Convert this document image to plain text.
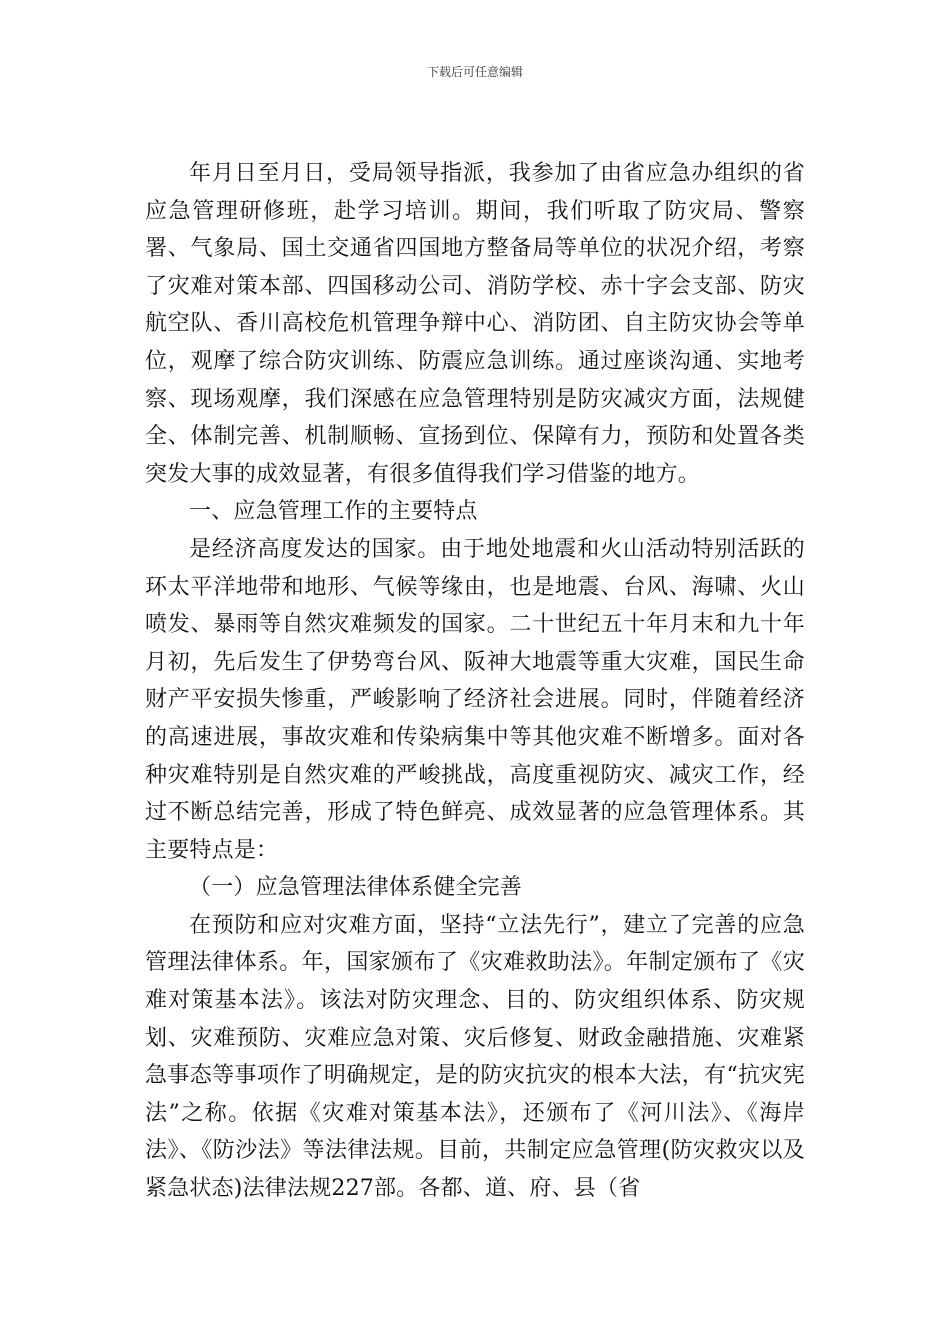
下载后可任意编辑

年月日至月日，受局领导指派，我参加了由省应急办组织的省应急管理研修班，赴学习培训。期间，我们听取了防灾局、警察署、气象局、国土交通省四国地方整备局等单位的状况介绍，考察了灾难对策本部、四国移动公司、消防学校、赤十字会支部、防灾航空队、香川高校危机管理争辩中心、消防团、自主防灾协会等单位，观摩了综合防灾训练、防震应急训练。通过座谈沟通、实地考察、现场观摩，我们深感在应急管理特别是防灾减灾方面，法规健全、体制完善、机制顺畅、宣扬到位、保障有力，预防和处置各类突发大事的成效显著，有很多值得我们学习借鉴的地方。

一、应急管理工作的主要特点

是经济高度发达的国家。由于地处地震和火山活动特别活跃的环太平洋地带和地形、气候等缘由，也是地震、台风、海啸、火山喷发、暴雨等自然灾难频发的国家。二十世纪五十年月末和九十年月初，先后发生了伊势弯台风、阪神大地震等重大灾难，国民生命财产平安损失惨重，严峻影响了经济社会进展。同时，伴随着经济的高速进展，事故灾难和传染病集中等其他灾难不断增多。面对各种灾难特别是自然灾难的严峻挑战，高度重视防灾、减灾工作，经过不断总结完善，形成了特色鲜亮、成效显著的应急管理体系。其主要特点是：

（一）应急管理法律体系健全完善

在预防和应对灾难方面，坚持“立法先行”，建立了完善的应急管理法律体系。年，国家颁布了《灾难救助法》。年制定颁布了《灾难对策基本法》。该法对防灾理念、目的、防灾组织体系、防灾规划、灾难预防、灾难应急对策、灾后修复、财政金融措施、灾难紧急事态等事项作了明确规定，是的防灾抗灾的根本大法，有“抗灾宪法”之称。依据《灾难对策基本法》，还颁布了《河川法》、《海岸法》、《防沙法》等法律法规。目前，共制定应急管理(防灾救灾以及紧急状态)法律法规227部。各都、道、府、县（省
